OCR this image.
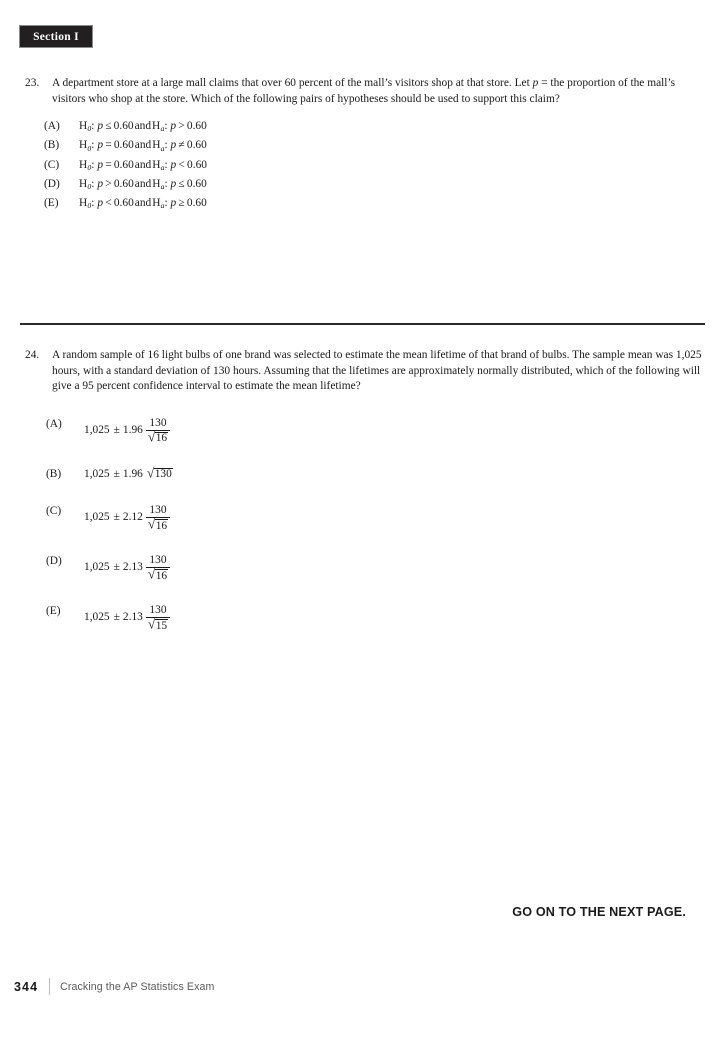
Section I
23.	A department store at a large mall claims that over 60 percent of the mall’s visitors shop at that store. Let p = the proportion of the mall’s visitors who shop at the store. Which of the following pairs of hypotheses should be used to support this claim?
(A)	$H_0$: p ≤ 0.60andH$_a$: p > 0.60
(B)	$H_0$: p = 0.60andH$_a$: p ≠ 0.60
(C)	$H_0$: p = 0.60andH$_a$: p < 0.60
(D)	$H_0$: p > 0.60andH$_a$: p ≤ 0.60
(E)	$H_0$: p < 0.60andH$_a$: p ≥ 0.60
24.	A random sample of 16 light bulbs of one brand was selected to estimate the mean lifetime of that brand of bulbs. The sample mean was 1,025 hours, with a standard deviation of 130 hours. Assuming that the lifetimes are approximately normally distributed, which of the following will give a 95 percent confidence interval to estimate the mean lifetime?
(A)
$1,025 \pm 1.96 \frac{130}{√ 16}$
(B)	1,025 ± 1.96 √ 130
(C)
$1,025 \pm 2.12 \frac{130}{√ 16}$
(D)
$1,025 \pm 2.13 \frac{130}{√ 16}$
(E)
$1,025 \pm 2.13 \frac{130}{√ 15}$
GO ON TO THE NEXT PAGE.
344 Cracking the AP Statistics Exam
